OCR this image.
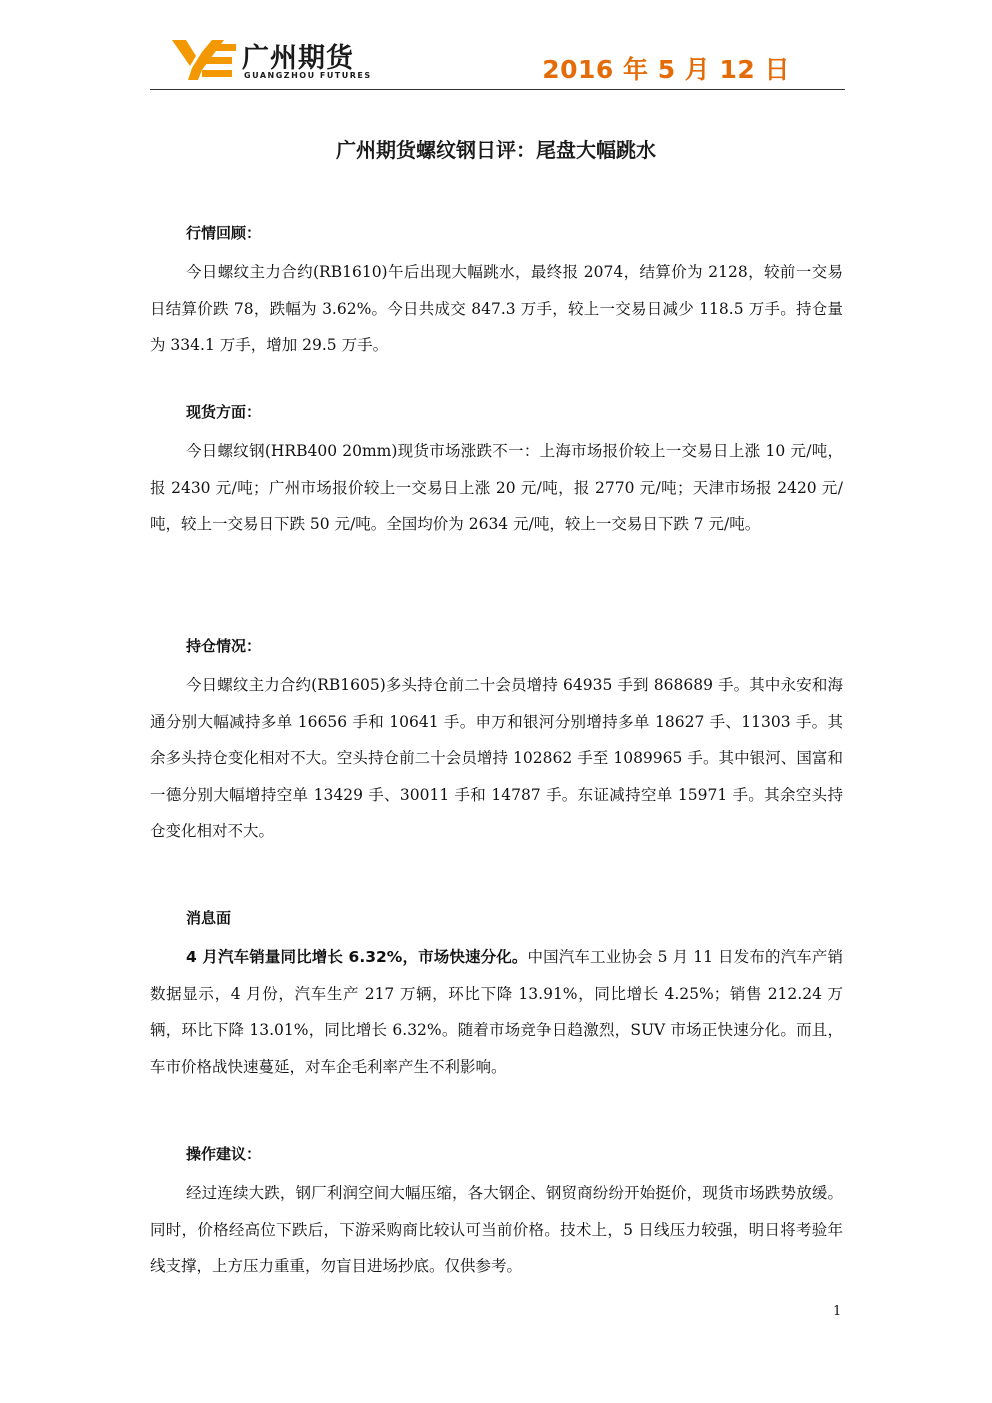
广州期货
GUANGZHOU FUTURES	2016 年 5 月 12 日
广州期货螺纹钢日评：尾盘大幅跳水
行情回顾：

今日螺纹主力合约(RB1610)午后出现大幅跳水，最终报 2074，结算价为 2128，较前一交易日结算价跌 78，跌幅为 3.62%。今日共成交 847.3 万手，较上一交易日减少 118.5 万手。持仓量为 334.1 万手，增加 29.5 万手。

现货方面：

今日螺纹钢(HRB400 20mm)现货市场涨跌不一：上海市场报价较上一交易日上涨 10 元/吨，报 2430 元/吨；广州市场报价较上一交易日上涨 20 元/吨，报 2770 元/吨；天津市场报 2420 元/吨，较上一交易日下跌 50 元/吨。全国均价为 2634 元/吨，较上一交易日下跌 7 元/吨。

持仓情况：

今日螺纹主力合约(RB1605)多头持仓前二十会员增持 64935 手到 868689 手。其中永安和海通分别大幅减持多单 16656 手和 10641 手。申万和银河分别增持多单 18627 手、11303 手。其余多头持仓变化相对不大。空头持仓前二十会员增持 102862 手至 1089965 手。其中银河、国富和一德分别大幅增持空单 13429 手、30011 手和 14787 手。东证减持空单 15971 手。其余空头持仓变化相对不大。

消息面

4 月汽车销量同比增长 6.32%，市场快速分化。中国汽车工业协会 5 月 11 日发布的汽车产销数据显示，4 月份，汽车生产 217 万辆，环比下降 13.91%，同比增长 4.25%；销售 212.24 万辆，环比下降 13.01%，同比增长 6.32%。随着市场竞争日趋激烈，SUV 市场正快速分化。而且，车市价格战快速蔓延，对车企毛利率产生不利影响。

操作建议：

经过连续大跌，钢厂利润空间大幅压缩，各大钢企、钢贸商纷纷开始挺价，现货市场跌势放缓。同时，价格经高位下跌后，下游采购商比较认可当前价格。技术上，5 日线压力较强，明日将考验年线支撑，上方压力重重，勿盲目进场抄底。仅供参考。

1
